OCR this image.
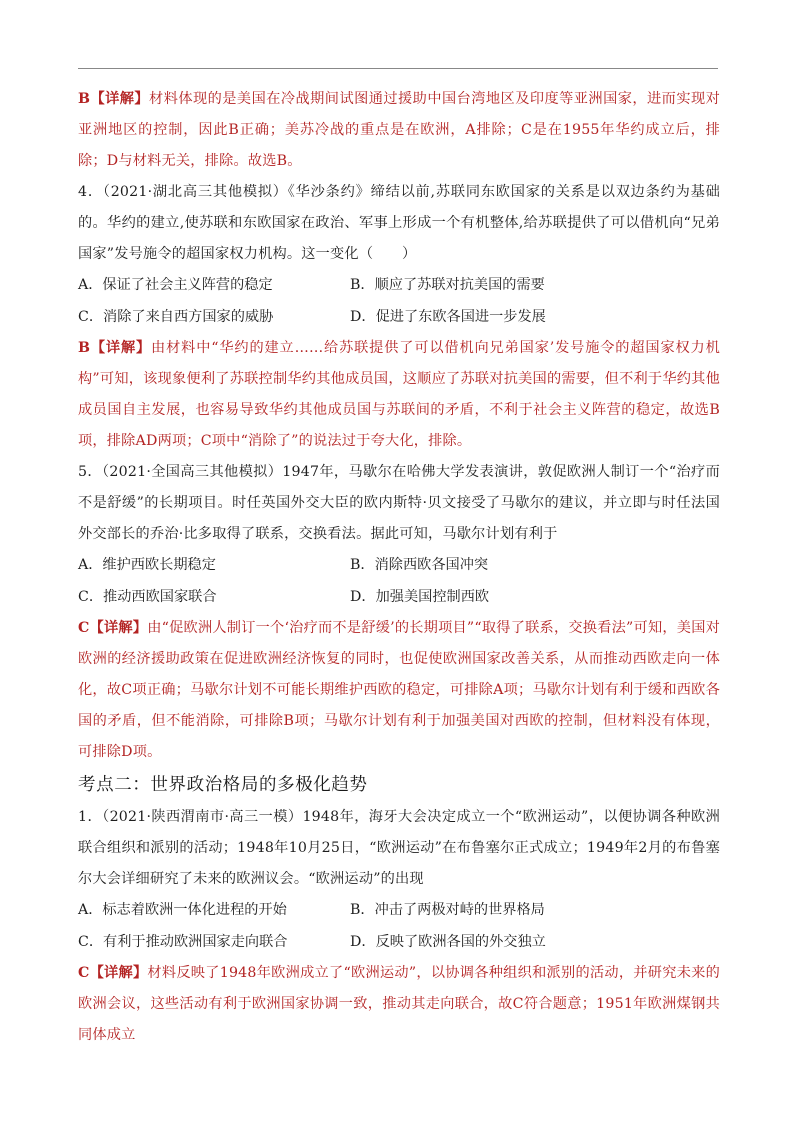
B【详解】材料体现的是美国在冷战期间试图通过援助中国台湾地区及印度等亚洲国家，进而实现对亚洲地区的控制，因此B正确；美苏冷战的重点是在欧洲，A排除；C是在1955年华约成立后，排除；D与材料无关，排除。故选B。

4．（2021·湖北高三其他模拟）《华沙条约》缔结以前,苏联同东欧国家的关系是以双边条约为基础的。华约的建立,使苏联和东欧国家在政治、军事上形成一个有机整体,给苏联提供了可以借机向“兄弟国家”发号施令的超国家权力机构。这一变化（　　）

A．保证了社会主义阵营的稳定	B．顺应了苏联对抗美国的需要
C．消除了来自西方国家的威胁	D．促进了东欧各国进一步发展

B【详解】由材料中“华约的建立……给苏联提供了可以借机向兄弟国家’发号施令的超国家权力机构”可知，该现象便利了苏联控制华约其他成员国，这顺应了苏联对抗美国的需要，但不利于华约其他成员国自主发展，也容易导致华约其他成员国与苏联间的矛盾，不利于社会主义阵营的稳定，故选B项，排除AD两项；C项中“消除了”的说法过于夸大化，排除。

5．（2021·全国高三其他模拟）1947年，马歇尔在哈佛大学发表演讲，敦促欧洲人制订一个“治疗而不是舒缓”的长期项目。时任英国外交大臣的欧内斯特·贝文接受了马歇尔的建议，并立即与时任法国外交部长的乔治·比多取得了联系，交换看法。据此可知，马歇尔计划有利于

A．维护西欧长期稳定	B．消除西欧各国冲突
C．推动西欧国家联合	D．加强美国控制西欧

C【详解】由“促欧洲人制订一个‘治疗而不是舒缓’的长期项目”“取得了联系，交换看法”可知，美国对欧洲的经济援助政策在促进欧洲经济恢复的同时，也促使欧洲国家改善关系，从而推动西欧走向一体化，故C项正确；马歇尔计划不可能长期维护西欧的稳定，可排除A项；马歇尔计划有利于缓和西欧各国的矛盾，但不能消除，可排除B项；马歇尔计划有利于加强美国对西欧的控制，但材料没有体现，可排除D项。

考点二：世界政治格局的多极化趋势

1．（2021·陕西渭南市·高三一模）1948年，海牙大会决定成立一个“欧洲运动”，以便协调各种欧洲联合组织和派别的活动；1948年10月25日，“欧洲运动”在布鲁塞尔正式成立；1949年2月的布鲁塞尔大会详细研究了未来的欧洲议会。“欧洲运动”的出现

A．标志着欧洲一体化进程的开始	B．冲击了两极对峙的世界格局
C．有利于推动欧洲国家走向联合	D．反映了欧洲各国的外交独立

C【详解】材料反映了1948年欧洲成立了“欧洲运动”，以协调各种组织和派别的活动，并研究未来的欧洲会议，这些活动有利于欧洲国家协调一致，推动其走向联合，故C符合题意；1951年欧洲煤钢共同体成立
